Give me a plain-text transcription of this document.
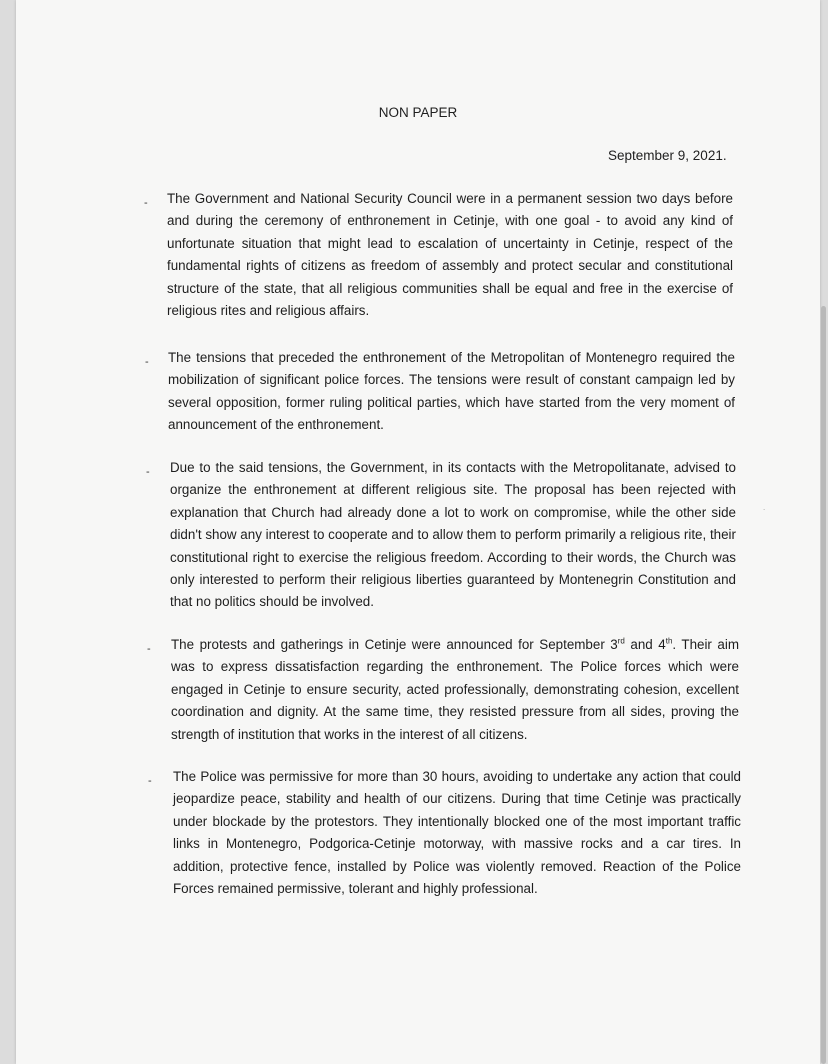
NON PAPER
September 9, 2021.
- The Government and National Security Council were in a permanent session two days before and during the ceremony of enthronement in Cetinje, with one goal - to avoid any kind of unfortunate situation that might lead to escalation of uncertainty in Cetinje, respect of the fundamental rights of citizens as freedom of assembly and protect secular and constitutional structure of the state, that all religious communities shall be equal and free in the exercise of religious rites and religious affairs.
- The tensions that preceded the enthronement of the Metropolitan of Montenegro required the mobilization of significant police forces. The tensions were result of constant campaign led by several opposition, former ruling political parties, which have started from the very moment of announcement of the enthronement.
- Due to the said tensions, the Government, in its contacts with the Metropolitanate, advised to organize the enthronement at different religious site. The proposal has been rejected with explanation that Church had already done a lot to work on compromise, while the other side didn't show any interest to cooperate and to allow them to perform primarily a religious rite, their constitutional right to exercise the religious freedom. According to their words, the Church was only interested to perform their religious liberties guaranteed by Montenegrin Constitution and that no politics should be involved.
.
- The protests and gatherings in Cetinje were announced for September 3rd and 4th. Their aim was to express dissatisfaction regarding the enthronement. The Police forces which were engaged in Cetinje to ensure security, acted professionally, demonstrating cohesion, excellent coordination and dignity. At the same time, they resisted pressure from all sides, proving the strength of institution that works in the interest of all citizens.
- The Police was permissive for more than 30 hours, avoiding to undertake any action that could jeopardize peace, stability and health of our citizens. During that time Cetinje was practically under blockade by the protestors. They intentionally blocked one of the most important traffic links in Montenegro, Podgorica-Cetinje motorway, with massive rocks and a car tires. In addition, protective fence, installed by Police was violently removed. Reaction of the Police Forces remained permissive, tolerant and highly professional.
